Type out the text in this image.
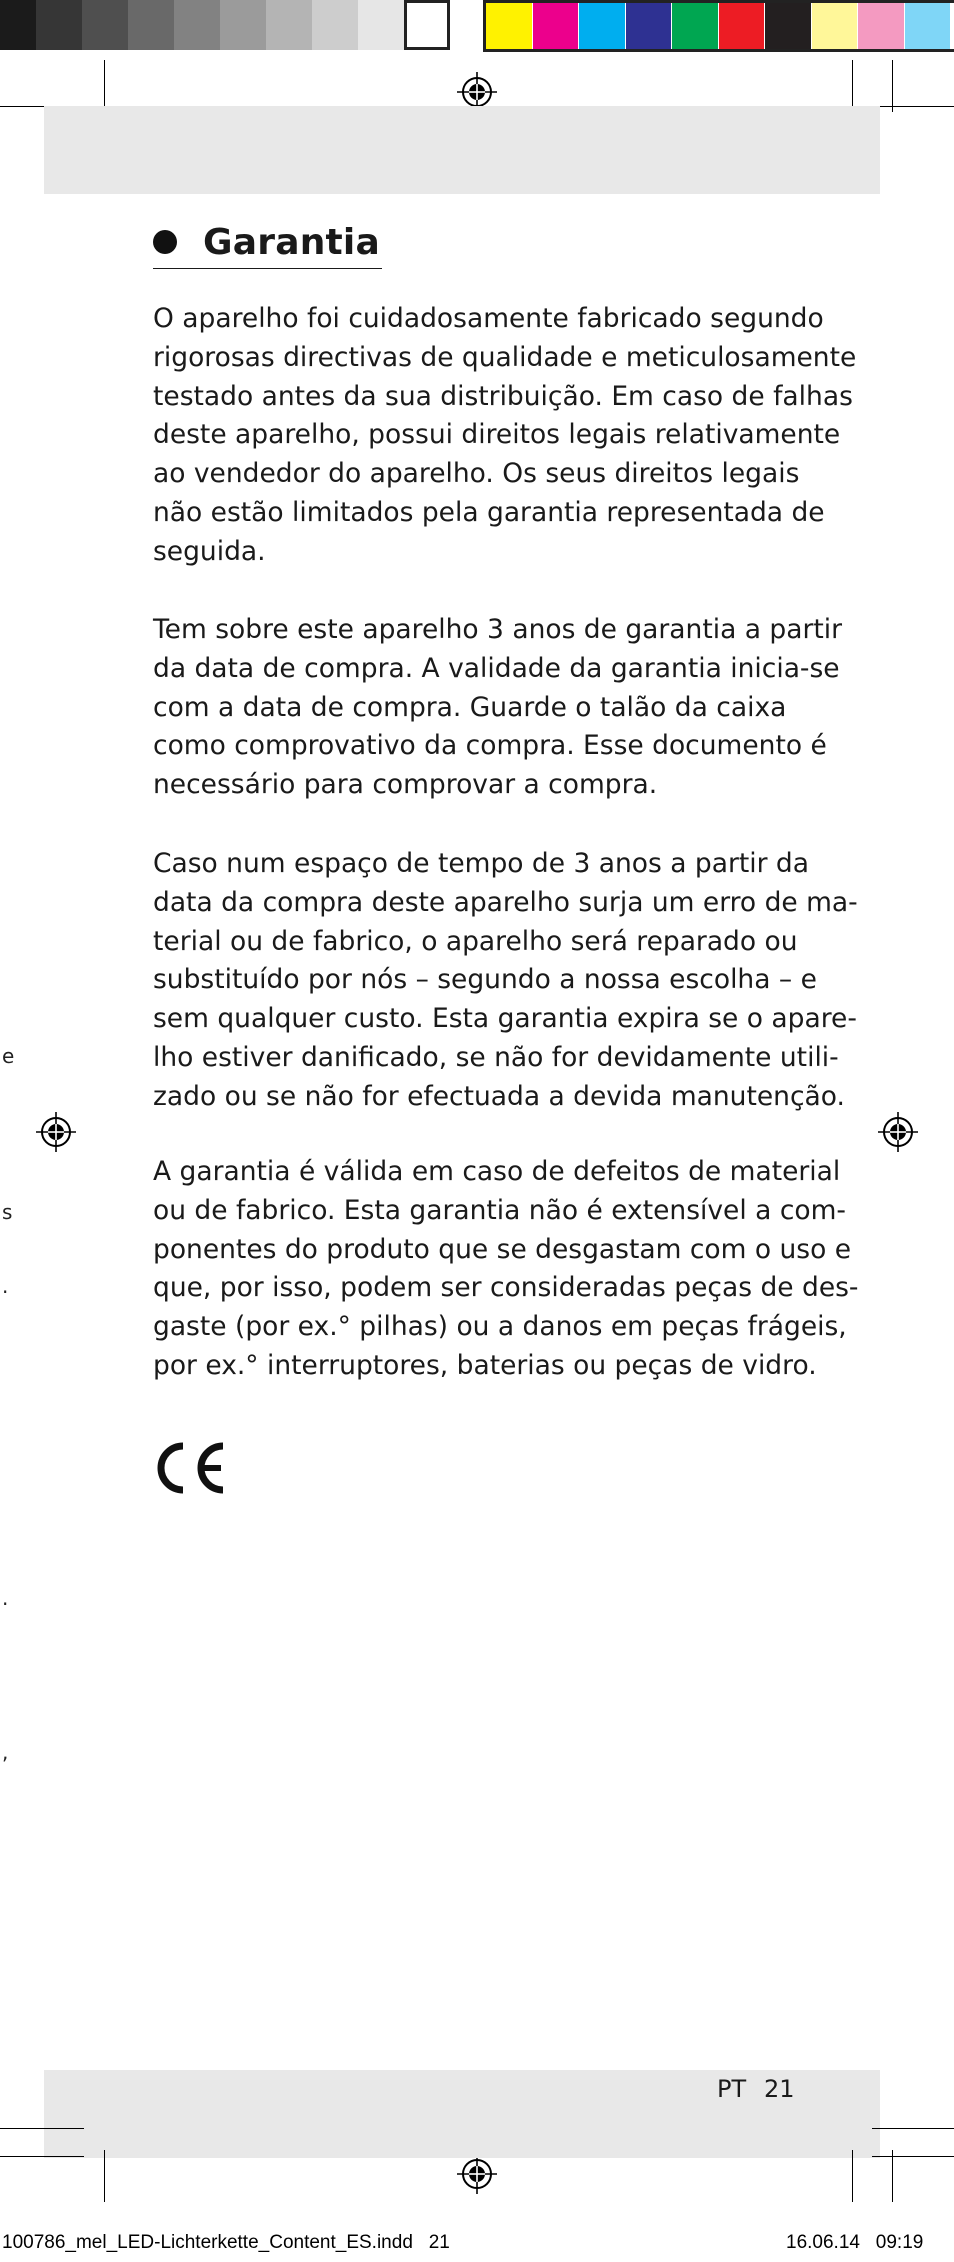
Garantia
O aparelho foi cuidadosamente fabricado segundo
rigorosas directivas de qualidade e meticulosamente
testado antes da sua distribuição. Em caso de falhas
deste aparelho, possui direitos legais relativamente
ao vendedor do aparelho. Os seus direitos legais
não estão limitados pela garantia representada de
seguida.
Tem sobre este aparelho 3 anos de garantia a partir
da data de compra. A validade da garantia inicia-se
com a data de compra. Guarde o talão da caixa
como comprovativo da compra. Esse documento é
necessário para comprovar a compra.
Caso num espaço de tempo de 3 anos a partir da
data da compra deste aparelho surja um erro de ma-
terial ou de fabrico, o aparelho será reparado ou
substituído por nós – segundo a nossa escolha – e
sem qualquer custo. Esta garantia expira se o apare-
lho estiver danificado, se não for devidamente utili-
zado ou se não for efectuada a devida manutenção.
A garantia é válida em caso de defeitos de material
ou de fabrico. Esta garantia não é extensível a com-
ponentes do produto que se desgastam com o uso e
que, por isso, podem ser consideradas peças de des-
gaste (por ex.° pilhas) ou a danos em peças frágeis,
por ex.° interruptores, baterias ou peças de vidro.
e
s
.
.
,
PT 21
100786_mel_LED-Lichterkette_Content_ES.indd   21	16.06.14   09:19
